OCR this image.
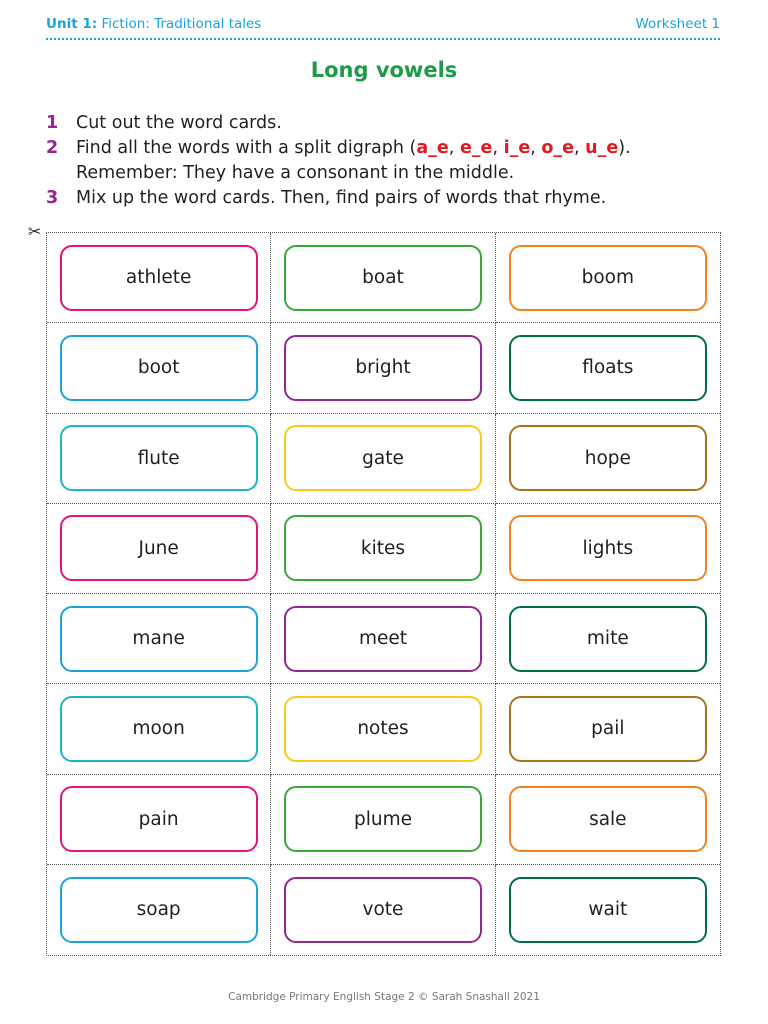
Unit 1: Fiction: Traditional tales	Worksheet 1
Long vowels
1 Cut out the word cards.
2 Find all the words with a split digraph (a_e, e_e, i_e, o_e, u_e).
Remember: They have a consonant in the middle.
3 Mix up the word cards. Then, find pairs of words that rhyme.
✂
athlete	boat	boom
boot	bright	floats
flute	gate	hope
June	kites	lights
mane	meet	mite
moon	notes	pail
pain	plume	sale
soap	vote	wait
Cambridge Primary English Stage 2 © Sarah Snashall 2021
